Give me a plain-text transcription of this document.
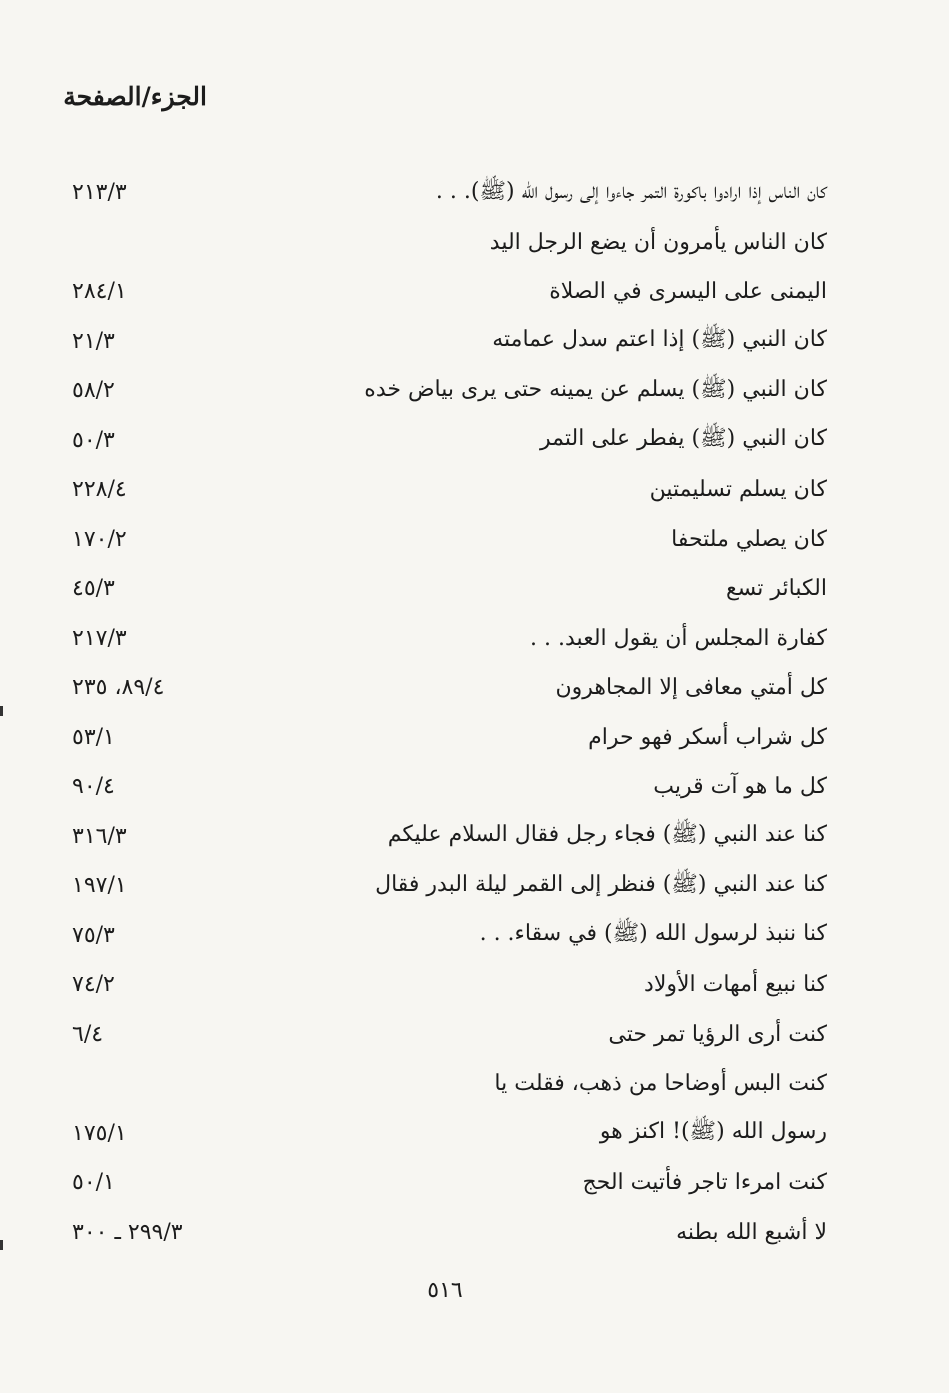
الجزء/الصفحة
كان الناس إذا ارادوا باكورة التمر جاءوا إلى رسول الله (ﷺ). . .
٢١٣/٣
كان الناس يأمرون أن يضع الرجل اليد
اليمنى على اليسرى في الصلاة
٢٨٤/١
كان النبي (ﷺ) إذا اعتم سدل عمامته
٢١/٣
كان النبي (ﷺ) يسلم عن يمينه حتى يرى بياض خده
٥٨/٢
كان النبي (ﷺ) يفطر على التمر
٥٠/٣
كان يسلم تسليمتين
٢٢٨/٤
كان يصلي ملتحفا
١٧٠/٢
الكبائر تسع
٤٥/٣
كفارة المجلس أن يقول العبد. . .
٢١٧/٣
كل أمتي معافى إلا المجاهرون
٨٩/٤، ٢٣٥
كل شراب أسكر فهو حرام
٥٣/١
كل ما هو آت قريب
٩٠/٤
كنا عند النبي (ﷺ) فجاء رجل فقال السلام عليكم
٣١٦/٣
كنا عند النبي (ﷺ) فنظر إلى القمر ليلة البدر فقال
١٩٧/١
كنا ننبذ لرسول الله (ﷺ) في سقاء. . .
٧٥/٣
كنا نبيع أمهات الأولاد
٧٤/٢
كنت أرى الرؤيا تمر حتى
٦/٤
كنت البس أوضاحا من ذهب، فقلت يا
رسول الله (ﷺ)! اكنز هو
١٧٥/١
كنت امرءا تاجر فأتيت الحج
٥٠/١
لا أشبع الله بطنه
٢٩٩/٣ ـ ٣٠٠
٥١٦
